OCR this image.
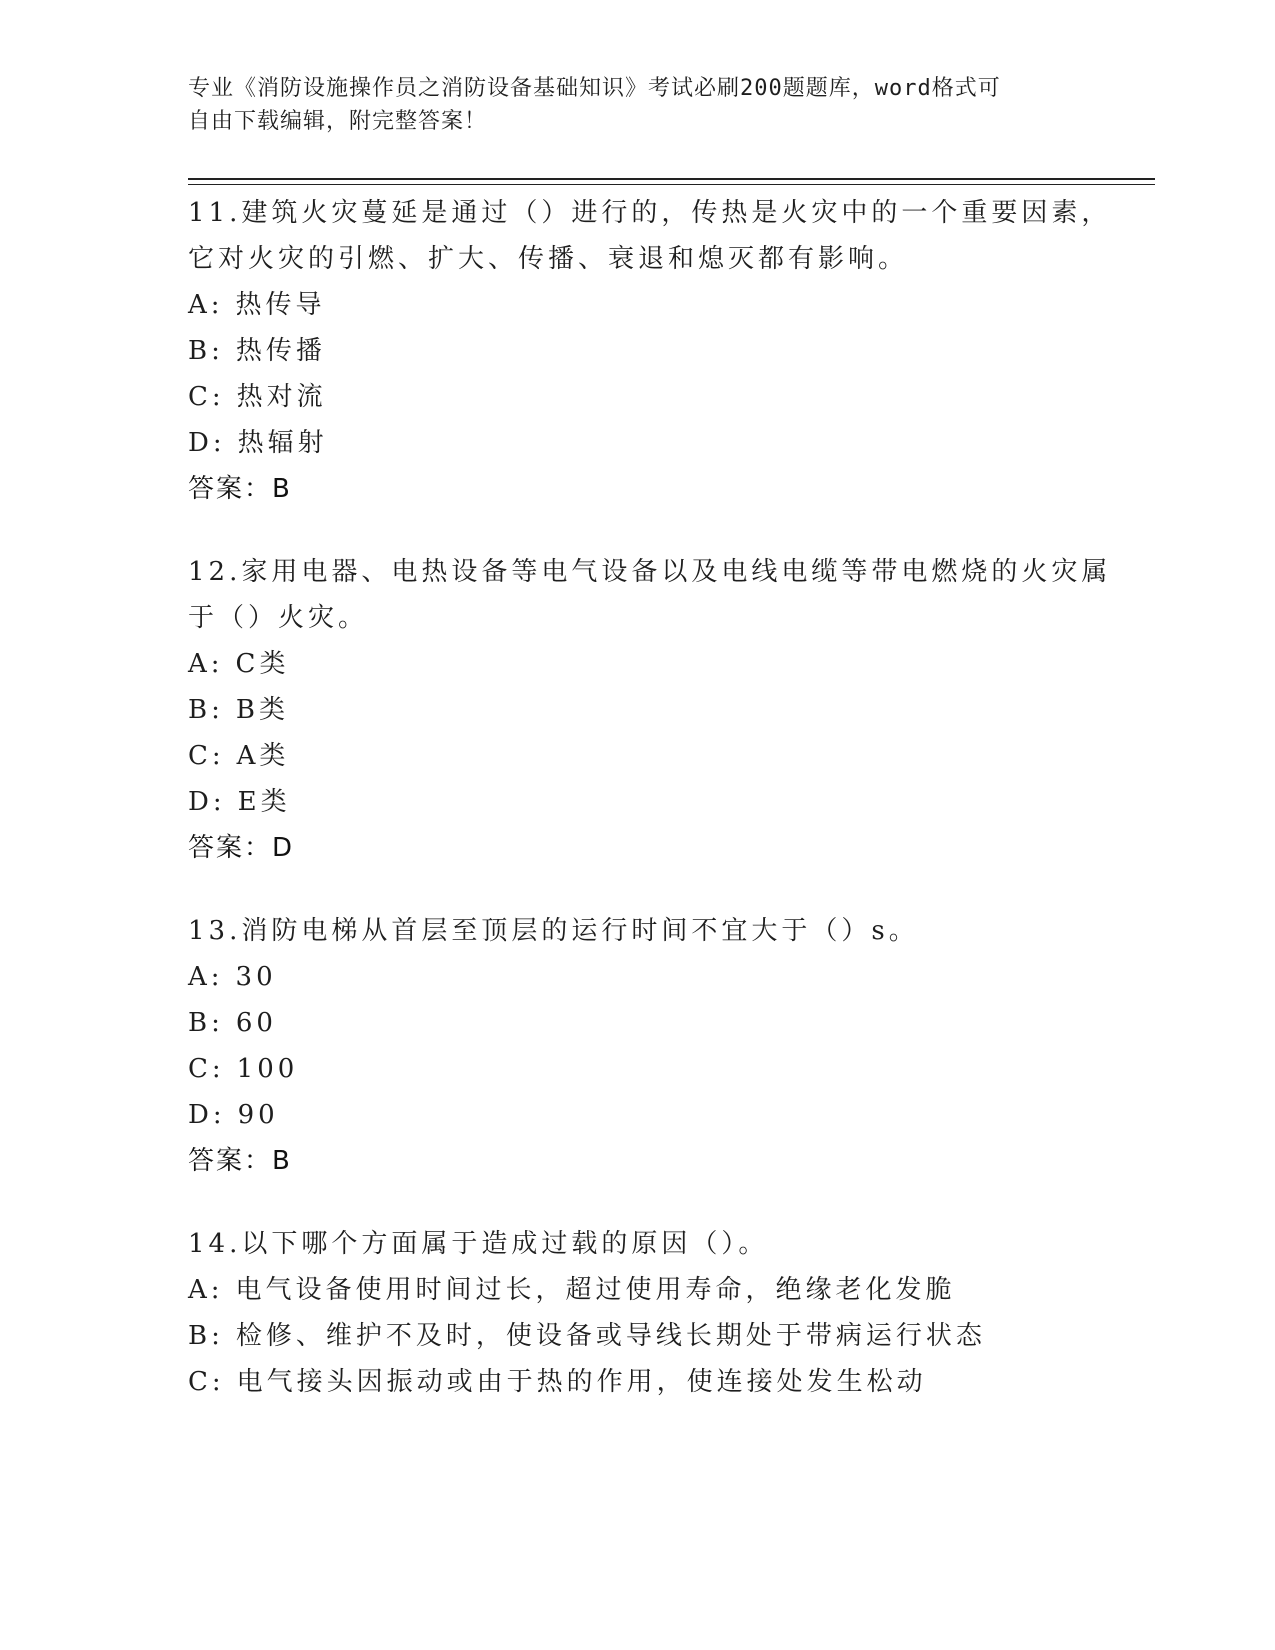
专业《消防设施操作员之消防设备基础知识》考试必刷200题题库，word格式可
自由下载编辑，附完整答案！
11.建筑火灾蔓延是通过（）进行的，传热是火灾中的一个重要因素，
它对火灾的引燃、扩大、传播、衰退和熄灭都有影响。
A: 热传导
B: 热传播
C: 热对流
D: 热辐射
答案：B
12.家用电器、电热设备等电气设备以及电线电缆等带电燃烧的火灾属
于（）火灾。
A: C类
B: B类
C: A类
D: E类
答案：D
13.消防电梯从首层至顶层的运行时间不宜大于（）s。
A: 30
B: 60
C: 100
D: 90
答案：B
14.以下哪个方面属于造成过载的原因（）。
A: 电气设备使用时间过长，超过使用寿命，绝缘老化发脆
B: 检修、维护不及时，使设备或导线长期处于带病运行状态
C: 电气接头因振动或由于热的作用，使连接处发生松动
